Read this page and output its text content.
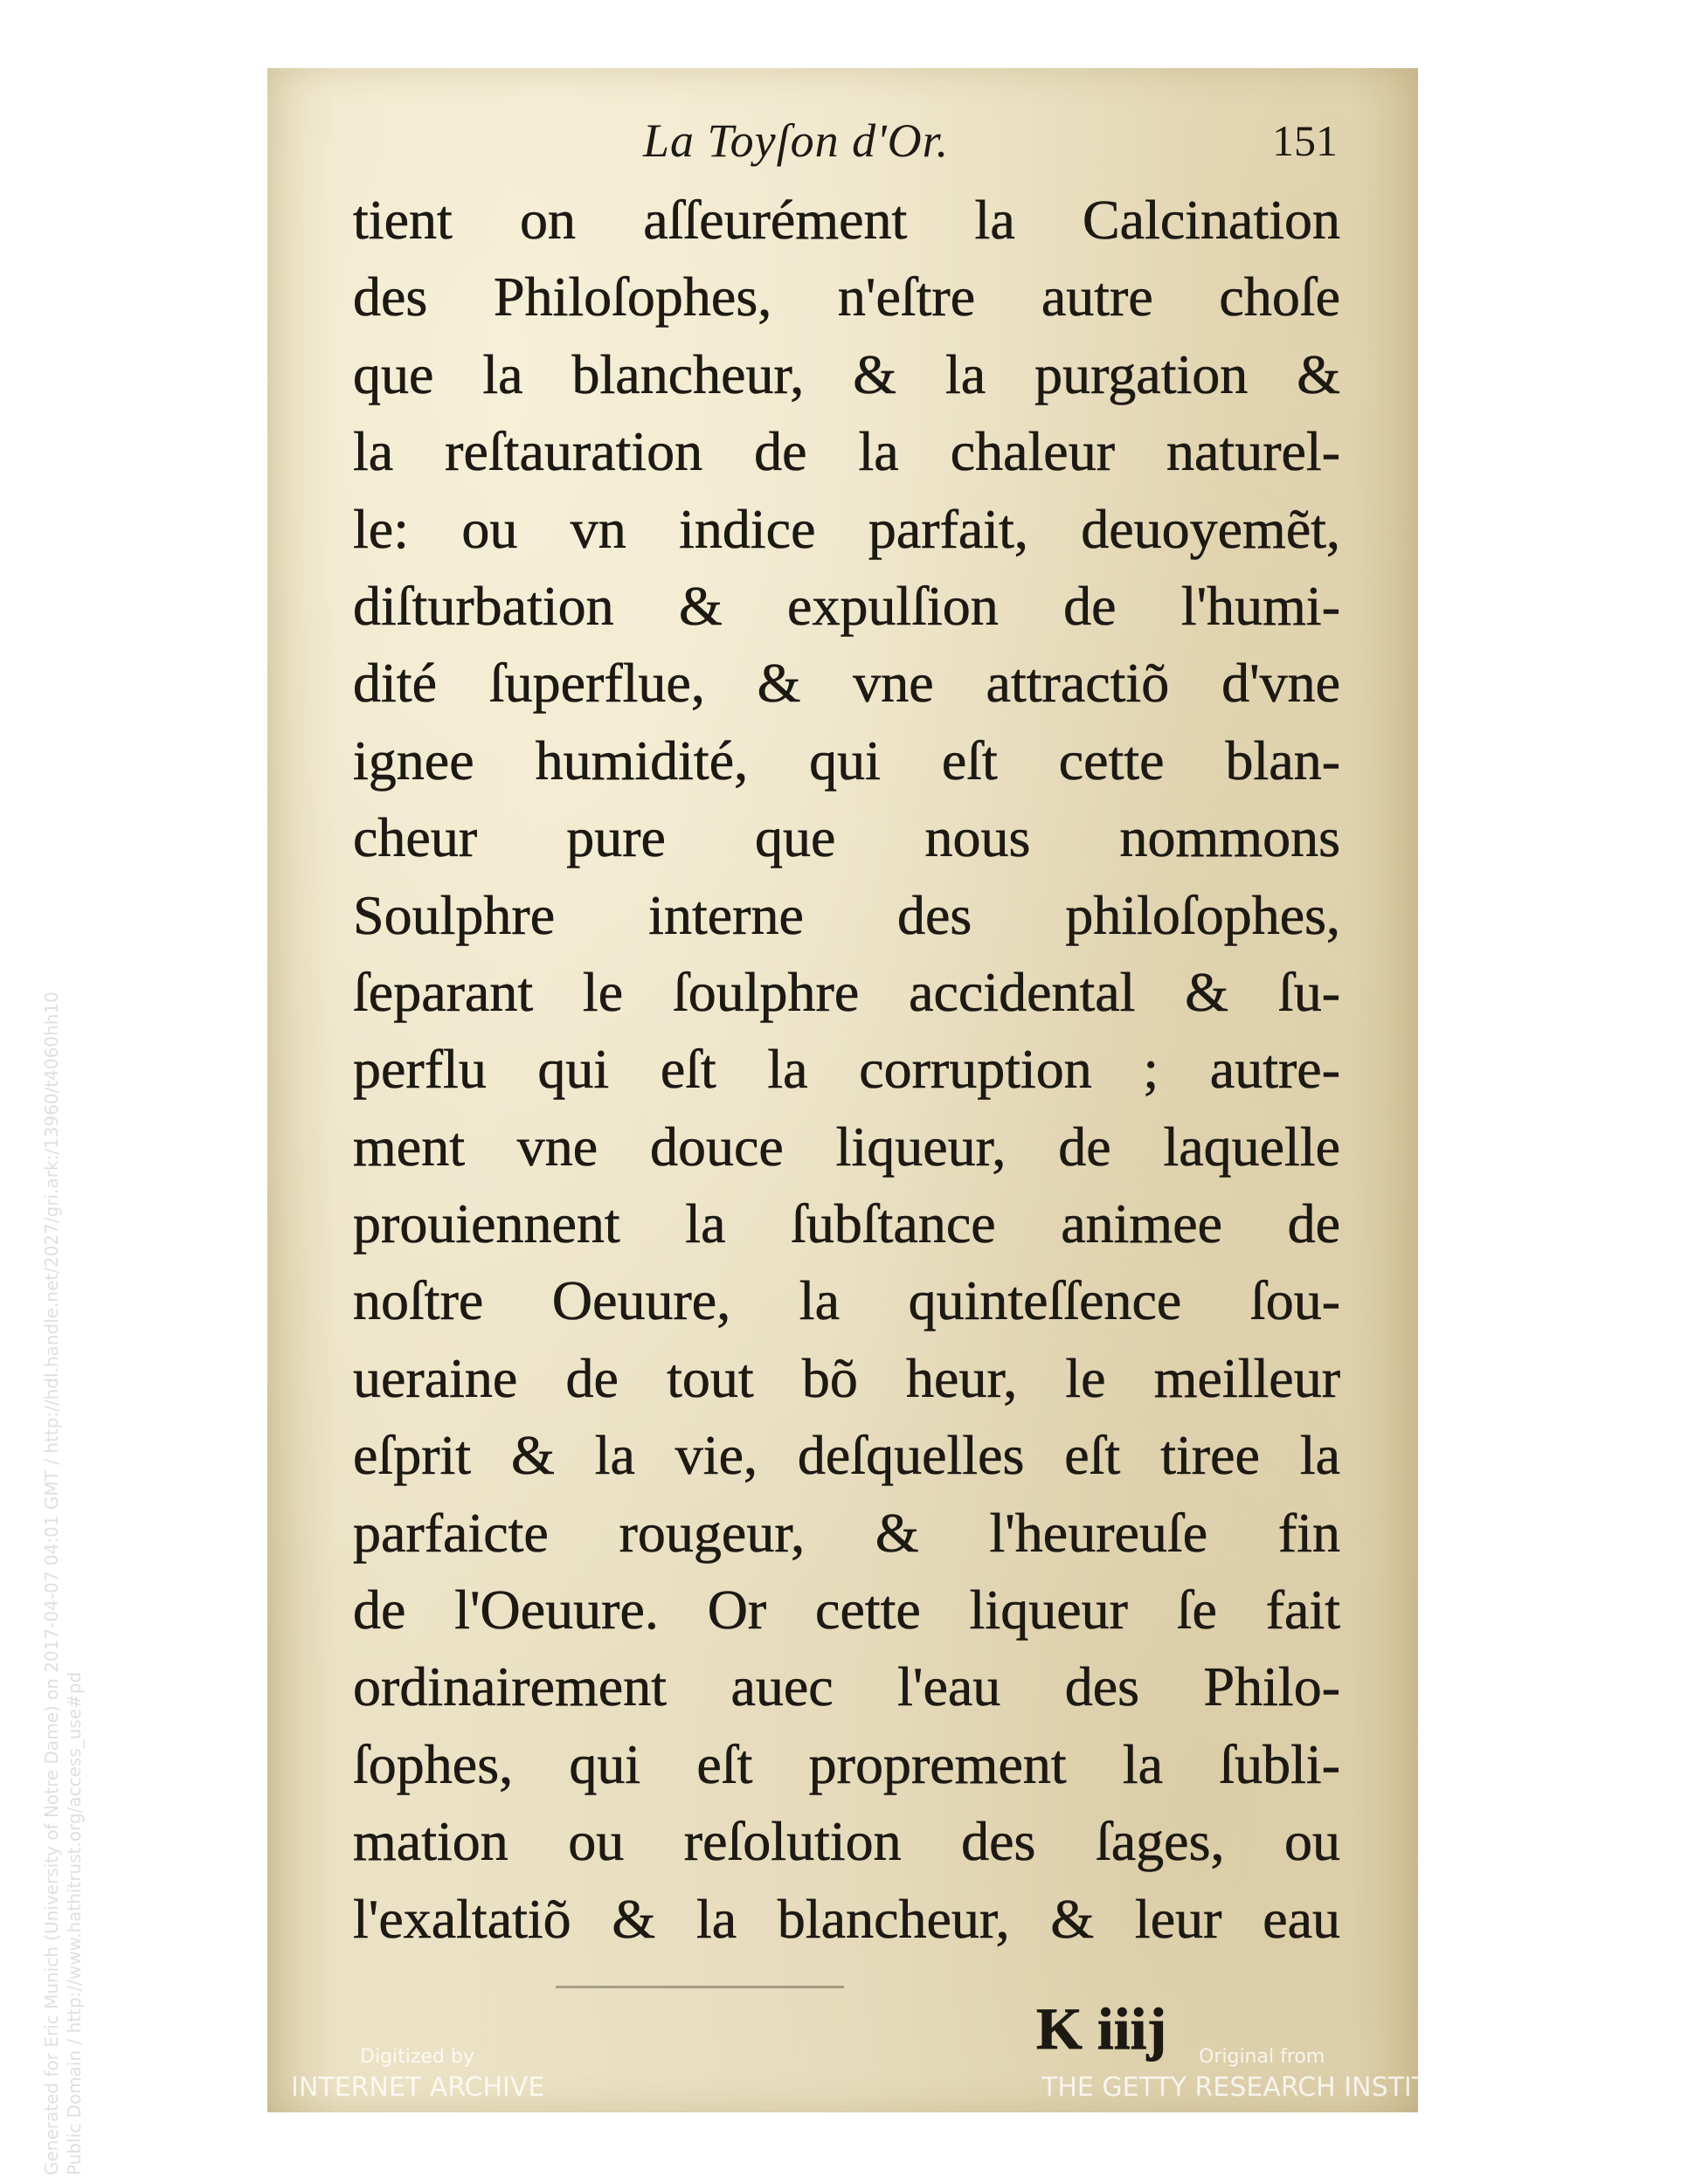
La Toyſon d'Or.	151
tient on aſſeurément la Calcination
des Philoſophes, n'eſtre autre choſe
que la blancheur, & la purgation &
la reſtauration de la chaleur naturel-
le: ou vn indice parfait, deuoyemẽt,
diſturbation & expulſion de l'humi-
dité ſuperflue, & vne attractiõ d'vne
ignee humidité, qui eſt cette blan-
cheur pure que nous nommons
Soulphre interne des philoſophes,
ſeparant le ſoulphre accidental & ſu-
perflu qui eſt la corruption ; autre-
ment vne douce liqueur, de laquelle
prouiennent la ſubſtance animee de
noſtre Oeuure, la quinteſſence ſou-
ueraine de tout bõ heur, le meilleur
eſprit & la vie, deſquelles eſt tiree la
parfaicte rougeur, & l'heureuſe fin
de l'Oeuure. Or cette liqueur ſe fait
ordinairement auec l'eau des Philo-
ſophes, qui eſt proprement la ſubli-
mation ou reſolution des ſages, ou
l'exaltatiõ & la blancheur, & leur eau
K iiij
Digitized by
INTERNET ARCHIVE
Original from
THE GETTY RESEARCH INSTITUTE
Generated for Eric Munich (University of Notre Dame) on 2017-04-07 04:01 GMT / http://hdl.handle.net/2027/gri.ark:/13960/t4060hh10 Public Domain / http://www.hathitrust.org/access_use#pd
